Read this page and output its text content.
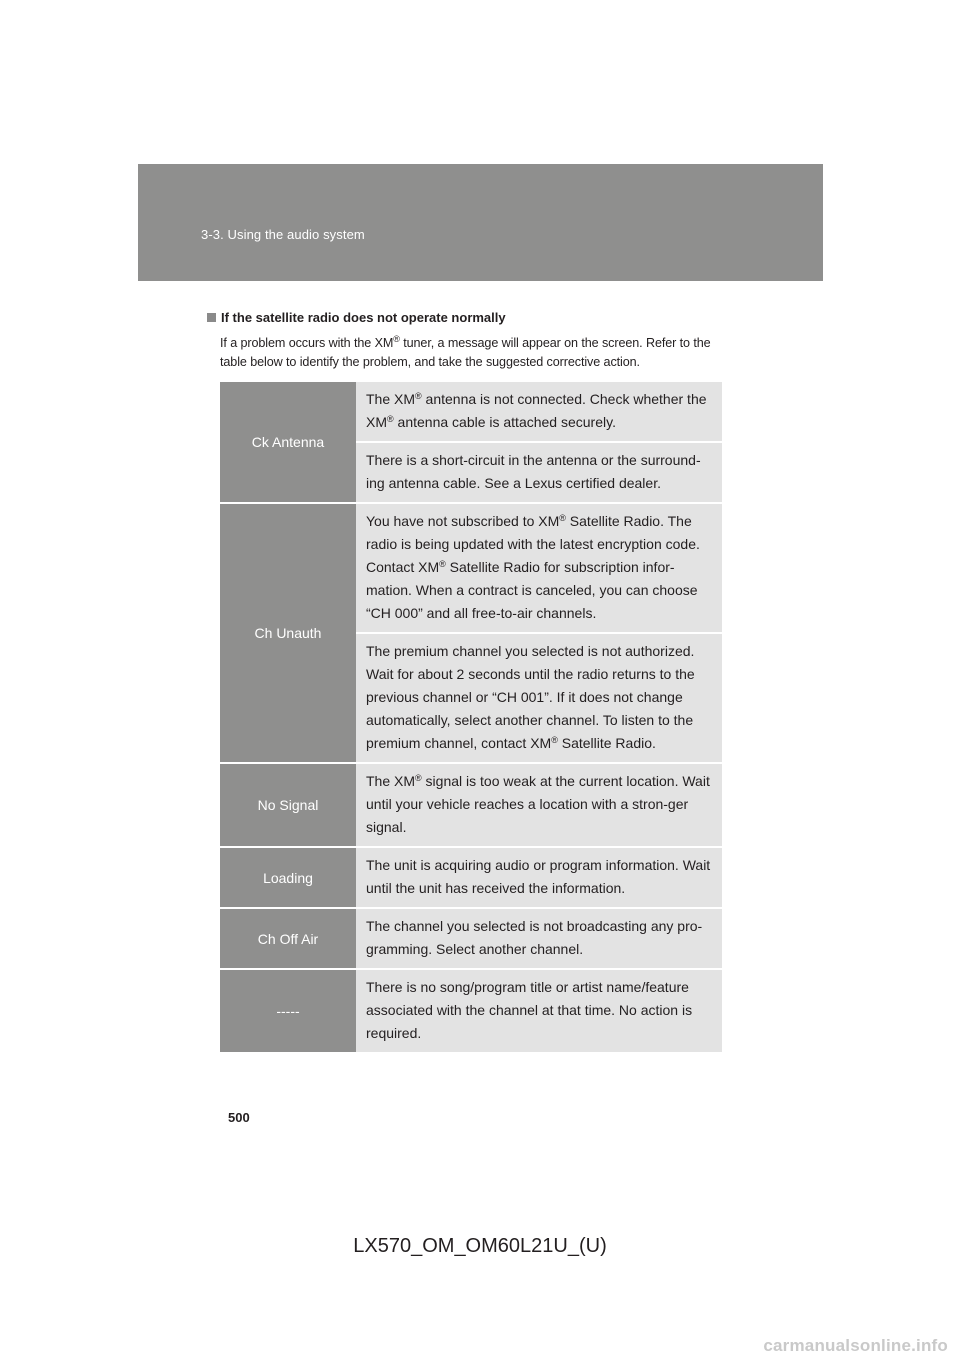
3-3. Using the audio system
If the satellite radio does not operate normally
If a problem occurs with the XM® tuner, a message will appear on the screen. Refer to the table below to identify the problem, and take the suggested corrective action.
Ck Antenna	The XM® antenna is not connected. Check whether the XM® antenna cable is attached securely.
	There is a short-circuit in the antenna or the surround-ing antenna cable. See a Lexus certified dealer.
Ch Unauth	You have not subscribed to XM® Satellite Radio. The radio is being updated with the latest encryption code. Contact XM® Satellite Radio for subscription infor-mation. When a contract is canceled, you can choose “CH 000” and all free-to-air channels.
	The premium channel you selected is not authorized. Wait for about 2 seconds until the radio returns to the previous channel or “CH 001”. If it does not change automatically, select another channel. To listen to the premium channel, contact XM® Satellite Radio.
No Signal	The XM® signal is too weak at the current location. Wait until your vehicle reaches a location with a stron-ger signal.
Loading	The unit is acquiring audio or program information. Wait until the unit has received the information.
Ch Off Air	The channel you selected is not broadcasting any pro-gramming. Select another channel.
-----	There is no song/program title or artist name/feature associated with the channel at that time. No action is required.
500
LX570_OM_OM60L21U_(U)
carmanualsonline.info
